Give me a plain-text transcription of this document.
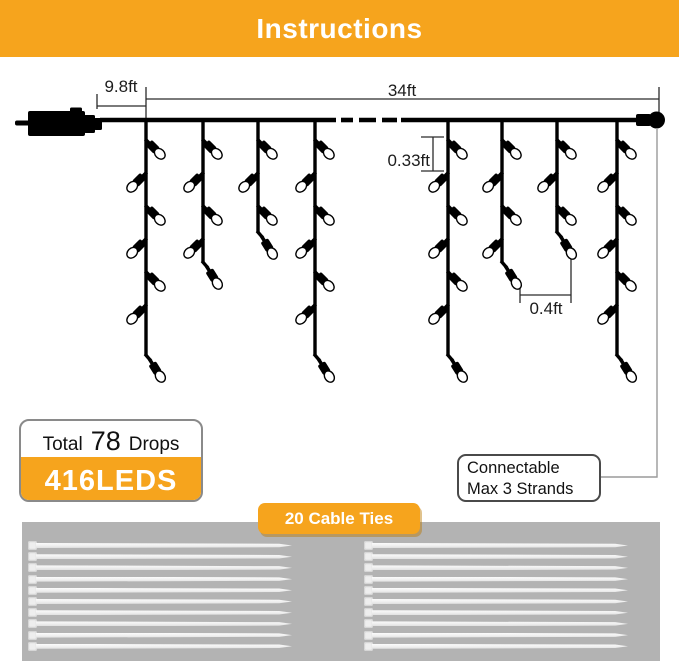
Instructions
9.8ft	34ft
0.33ft
0.4ft
Total 78 Drops
416LEDS	Connectable
Max 3 Strands
20 Cable Ties
